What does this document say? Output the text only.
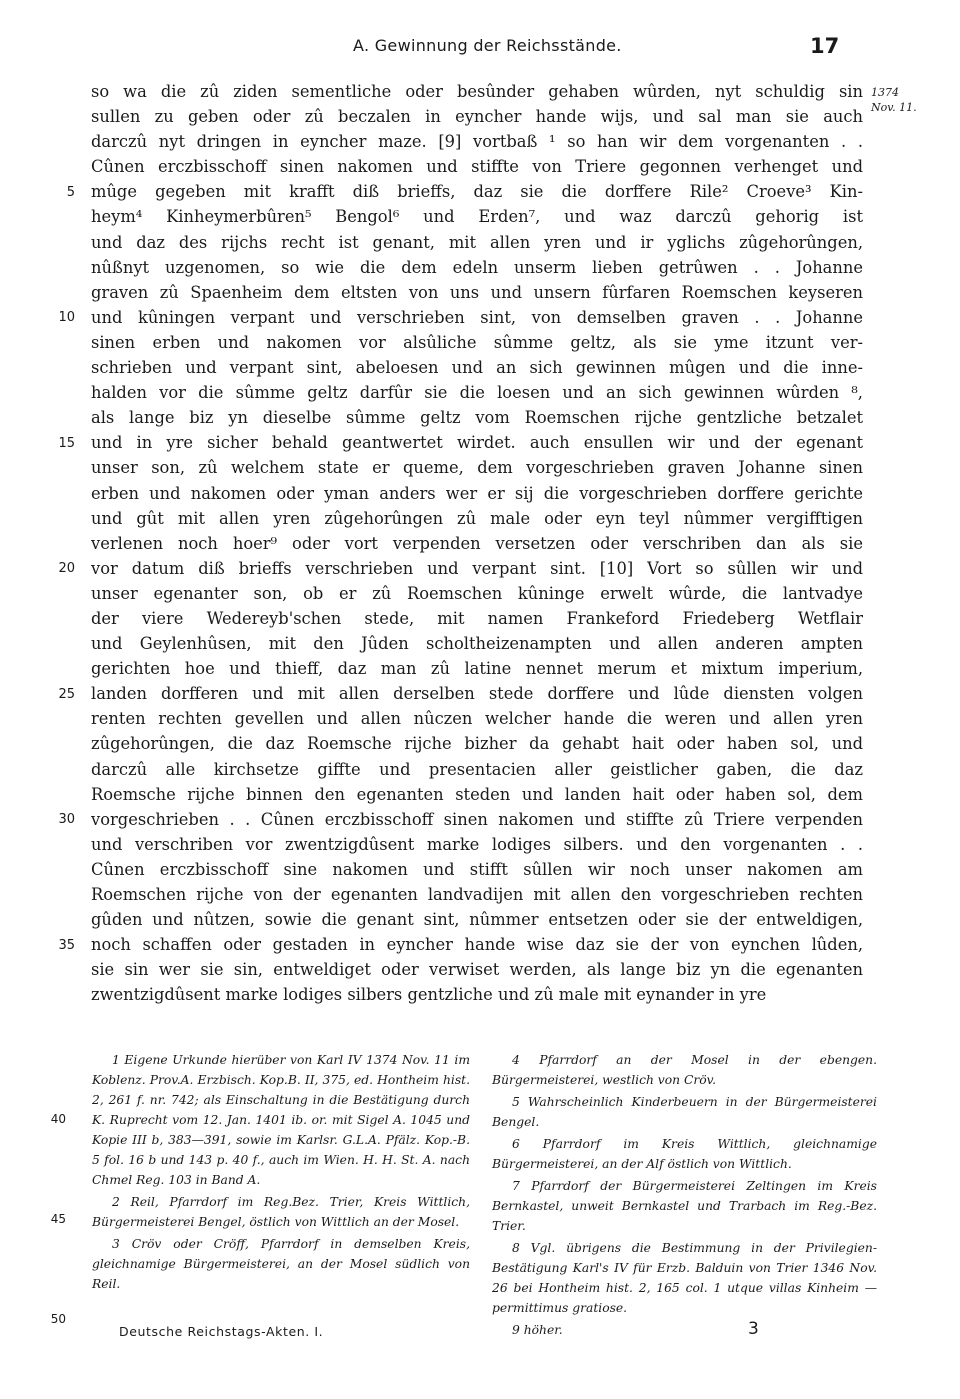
A. Gewinnung der Reichsstände.	17
1374
Nov. 11.
so wa die zû ziden sementliche oder besûnder gehaben wûrden, nyt schuldig sin
sullen zu geben oder zû beczalen in eyncher hande wijs, und sal man sie auch
darczû nyt dringen in eyncher maze. [9] vortbaß ¹ so han wir dem vorgenanten . .
Cûnen erczbisschoff sinen nakomen und stiffte von Triere gegonnen verhenget und
mûge gegeben mit krafft diß brieffs, daz sie die dorffere Rile² Croeve³ Kin-
heym⁴ Kinheymerbûren⁵ Bengol⁶ und Erden⁷, und waz darczû gehorig ist
und daz des rijchs recht ist genant, mit allen yren und ir yglichs zûgehorûngen,
nûßnyt uzgenomen, so wie die dem edeln unserm lieben getrûwen . . Johanne
graven zû Spaenheim dem eltsten von uns und unsern fûrfaren Roemschen keyseren
und kûningen verpant und verschrieben sint, von demselben graven . . Johanne
sinen erben und nakomen vor alsûliche sûmme geltz, als sie yme itzunt ver-
schrieben und verpant sint, abeloesen und an sich gewinnen mûgen und die inne-
halden vor die sûmme geltz darfûr sie die loesen und an sich gewinnen wûrden ⁸,
als lange biz yn dieselbe sûmme geltz vom Roemschen rijche gentzliche betzalet
und in yre sicher behald geantwertet wirdet. auch ensullen wir und der egenant
unser son, zû welchem state er queme, dem vorgeschrieben graven Johanne sinen
erben und nakomen oder yman anders wer er sij die vorgeschrieben dorffere gerichte
und gût mit allen yren zûgehorûngen zû male oder eyn teyl nûmmer vergifftigen
verlenen noch hoer⁹ oder vort verpenden versetzen oder verschriben dan als sie
vor datum diß brieffs verschrieben und verpant sint. [10] Vort so sûllen wir und
unser egenanter son, ob er zû Roemschen kûninge erwelt wûrde, die lantvadye
der viere Wedereyb'schen stede, mit namen Frankeford Friedeberg Wetflair
und Geylenhûsen, mit den Jûden scholtheizenampten und allen anderen ampten
gerichten hoe und thieff, daz man zû latine nennet merum et mixtum imperium,
landen dorfferen und mit allen derselben stede dorffere und lûde diensten volgen
renten rechten gevellen und allen nûczen welcher hande die weren und allen yren
zûgehorûngen, die daz Roemsche rijche bizher da gehabt hait oder haben sol, und
darczû alle kirchsetze giffte und presentacien aller geistlicher gaben, die daz
Roemsche rijche binnen den egenanten steden und landen hait oder haben sol, dem
vorgeschrieben . . Cûnen erczbisschoff sinen nakomen und stiffte zû Triere verpenden
und verschriben vor zwentzigdûsent marke lodiges silbers. und den vorgenanten . .
Cûnen erczbisschoff sine nakomen und stifft sûllen wir noch unser nakomen am
Roemschen rijche von der egenanten landvadijen mit allen den vorgeschrieben rechten
gûden und nûtzen, sowie die genant sint, nûmmer entsetzen oder sie der entweldigen,
noch schaffen oder gestaden in eyncher hande wise daz sie der von eynchen lûden,
sie sin wer sie sin, entweldiget oder verwiset werden, als lange biz yn die egenanten
zwentzigdûsent marke lodiges silbers gentzliche und zû male mit eynander in yre
5
10
15
20
25
30
35

1 Eigene Urkunde hierüber von Karl IV 1374 Nov. 11 im Koblenz. Prov.A. Erzbisch. Kop.B. II, 375, ed. Hontheim hist. 2, 261 f. nr. 742; als Einschaltung in die Bestätigung durch K. Ruprecht vom 12. Jan. 1401 ib. or. mit Sigel A. 1045 und Kopie III b, 383—391, sowie im Karlsr. G.L.A. Pfälz. Kop.-B. 5 fol. 16 b und 143 p. 40 f., auch im Wien. H. H. St. A. nach Chmel Reg. 103 in Band A.

2 Reil, Pfarrdorf im Reg.Bez. Trier, Kreis Wittlich, Bürgermeisterei Bengel, östlich von Wittlich an der Mosel.

3 Cröv oder Cröff, Pfarrdorf in demselben Kreis, gleichnamige Bürgermeisterei, an der Mosel südlich von Reil.

40
45
50

4 Pfarrdorf an der Mosel in der ebengen. Bürgermeisterei, westlich von Cröv.

5 Wahrscheinlich Kinderbeuern in der Bürgermeisterei Bengel.

6 Pfarrdorf im Kreis Wittlich, gleichnamige Bürgermeisterei, an der Alf östlich von Wittlich.

7 Pfarrdorf der Bürgermeisterei Zeltingen im Kreis Bernkastel, unweit Bernkastel und Trarbach im Reg.-Bez. Trier.

8 Vgl. übrigens die Bestimmung in der Privilegien-Bestätigung Karl's IV für Erzb. Balduin von Trier 1346 Nov. 26 bei Hontheim hist. 2, 165 col. 1 utque villas Kinheim — permittimus gratiose.

9 höher.

Deutsche Reichstags-Akten. I.	3
